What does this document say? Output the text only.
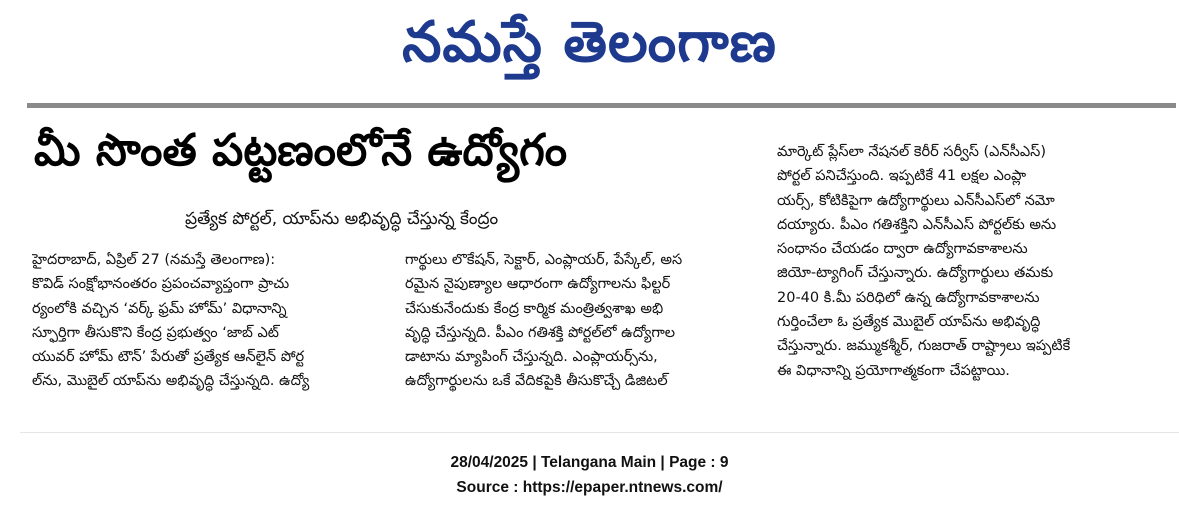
నమస్తే తెలంగాణ
మీ సొంత పట్టణంలోనే ఉద్యోగం
ప్రత్యేక పోర్టల్, యాప్‌ను అభివృద్ధి చేస్తున్న కేంద్రం
హైదరాబాద్, ఏప్రిల్ 27 (నమస్తే తెలంగాణ):
కొవిడ్ సంక్షోభానంతరం ప్రపంచవ్యాప్తంగా ప్రాచు
ర్యంలోకి వచ్చిన ‘వర్క్ ఫ్రమ్ హోమ్’ విధానాన్ని
స్ఫూర్తిగా తీసుకొని కేంద్ర ప్రభుత్వం ‘జాబ్ ఎట్
యువర్ హోమ్ టౌన్’ పేరుతో ప్రత్యేక ఆన్‌లైన్ పోర్ట
ల్‌ను, మొబైల్ యాప్‌ను అభివృద్ధి చేస్తున్నది. ఉద్యో
గార్థులు లొకేషన్, సెక్టార్, ఎంప్లాయర్, పేస్కేల్, అస
రమైన నైపుణ్యాల ఆధారంగా ఉద్యోగాలను ఫిల్టర్
చేసుకునేందుకు కేంద్ర కార్మిక మంత్రిత్వశాఖ అభి
వృద్ధి చేస్తున్నది. పీఎం గతిశక్తి పోర్టల్‌లో ఉద్యోగాల
డాటాను మ్యాపింగ్ చేస్తున్నది. ఎంప్లాయర్స్‌ను,
ఉద్యోగార్థులను ఒకే వేదికపైకి తీసుకొచ్చే డిజిటల్
మార్కెట్ ప్లేస్‌లా నేషనల్ కెరీర్ సర్వీస్ (ఎన్‌సీఎస్)
పోర్టల్ పనిచేస్తుంది. ఇప్పటికే 41 లక్షల ఎంప్లా
యర్స్, కోటికిపైగా ఉద్యోగార్థులు ఎన్‌సీఎస్‌లో నమో
దయ్యారు. పీఎం గతిశక్తిని ఎన్‌సీఎస్ పోర్టల్‌కు అను
సంధానం చేయడం ద్వారా ఉద్యోగావకాశాలను
జియో-ట్యాగింగ్ చేస్తున్నారు. ఉద్యోగార్థులు తమకు
20-40 కి.మీ పరిధిలో ఉన్న ఉద్యోగావకాశాలను
గుర్తించేలా ఓ ప్రత్యేక మొబైల్ యాప్‌ను అభివృద్ధి
చేస్తున్నారు. జమ్ముకశ్మీర్, గుజరాత్ రాష్ట్రాలు ఇప్పటికే
ఈ విధానాన్ని ప్రయోగాత్మకంగా చేపట్టాయి.
28/04/2025 | Telangana Main | Page : 9
Source : https://epaper.ntnews.com/
